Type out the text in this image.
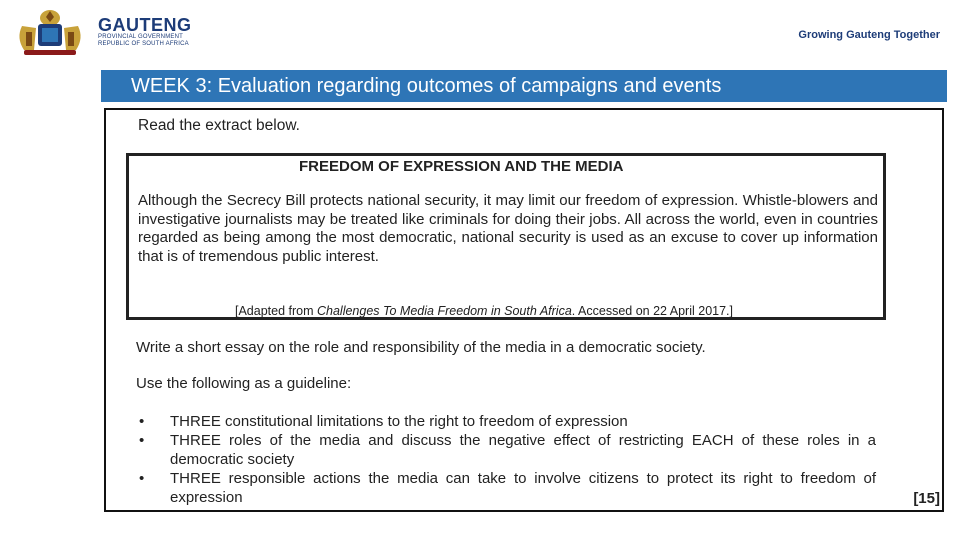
GAUTENG
PROVINCIAL GOVERNMENT
REPUBLIC OF SOUTH AFRICA
Growing Gauteng Together
WEEK 3: Evaluation regarding outcomes of campaigns and events
Read the extract below.
FREEDOM OF EXPRESSION AND THE MEDIA
Although the Secrecy Bill protects national security, it may limit our freedom of expression. Whistle-blowers and investigative journalists may be treated like criminals for doing their jobs. All across the world, even in countries regarded as being among the most democratic, national security is used as an excuse to cover up information that is of tremendous public interest.
[Adapted from Challenges To Media Freedom in South Africa. Accessed on 22 April 2017.]
Write a short essay on the role and responsibility of the media in a democratic society.
Use the following as a guideline:
• THREE constitutional limitations to the right to freedom of expression
• THREE roles of the media and discuss the negative effect of restricting EACH of these roles in a democratic society
• THREE responsible actions the media can take to involve citizens to protect its right to freedom of expression	[15]
